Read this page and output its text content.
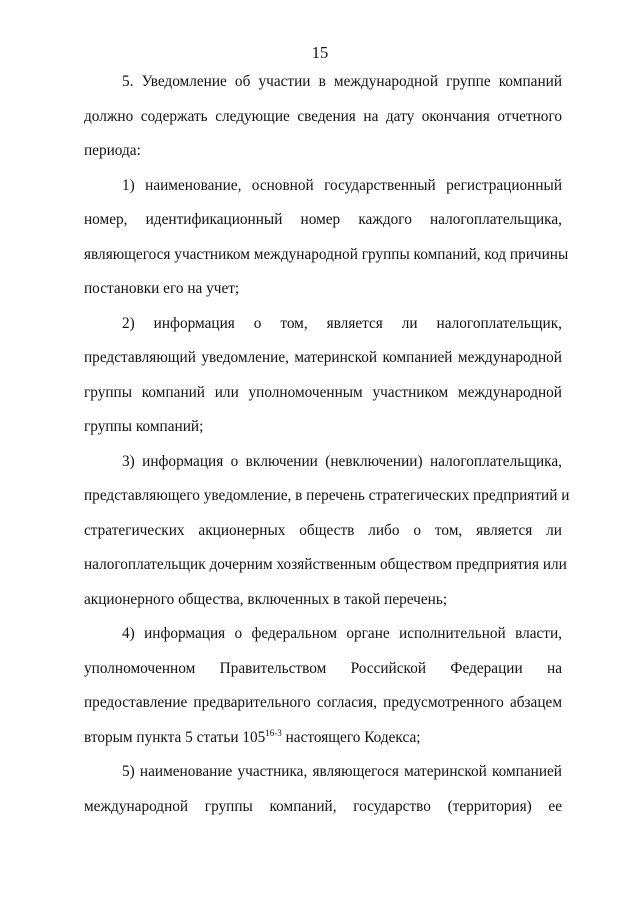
15
5. Уведомление об участии в международной группе компаний
должно содержать следующие сведения на дату окончания отчетного
периода:
1) наименование, основной государственный регистрационный
номер, идентификационный номер каждого налогоплательщика,
являющегося участником международной группы компаний, код причины
постановки его на учет;
2) информация о том, является ли налогоплательщик,
представляющий уведомление, материнской компанией международной
группы компаний или уполномоченным участником международной
группы компаний;
3) информация о включении (невключении) налогоплательщика,
представляющего уведомление, в перечень стратегических предприятий и
стратегических акционерных обществ либо о том, является ли
налогоплательщик дочерним хозяйственным обществом предприятия или
акционерного общества, включенных в такой перечень;
4) информация о федеральном органе исполнительной власти,
уполномоченном Правительством Российской Федерации на
предоставление предварительного согласия, предусмотренного абзацем
вторым пункта 5 статьи 105$^{16-3}$ настоящего Кодекса;
5) наименование участника, являющегося материнской компанией
международной группы компаний, государство (территория) ее
